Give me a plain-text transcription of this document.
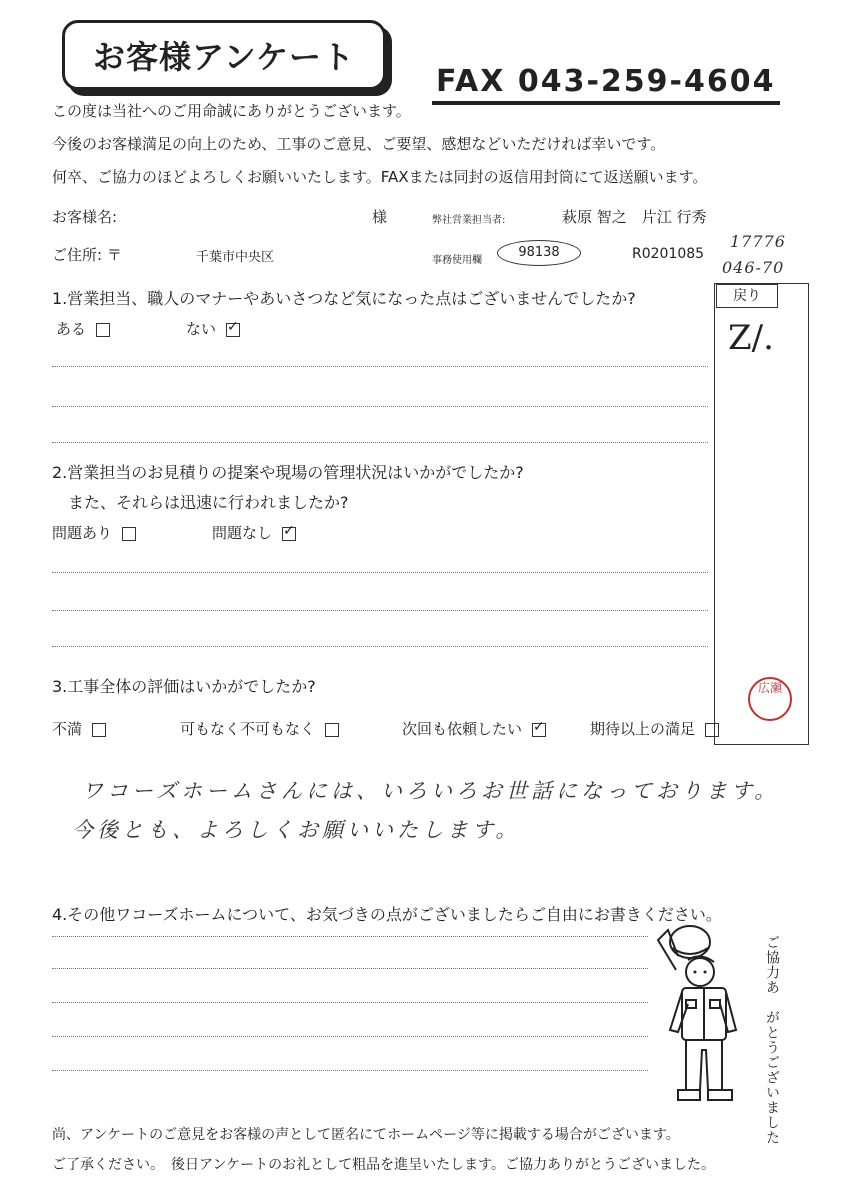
お客様アンケート
FAX 043-259-4604
この度は当社へのご用命誠にありがとうございます。
今後のお客様満足の向上のため、工事のご意見、ご要望、感想などいただければ幸いです。
何卒、ご協力のほどよろしくお願いいたします。FAXまたは同封の返信用封筒にて返送願います。
お客様名:	様	弊社営業担当者:	萩原 智之　片江 行秀
ご住所: 〒	千葉市中央区	事務使用欄
98138	R0201085
17776
046-70
戻り
Z/.
広瀬
1.営業担当、職人のマナーやあいさつなど気になった点はございませんでしたか?
ある	ない✓
2.営業担当のお見積りの提案や現場の管理状況はいかがでしたか?
また、それらは迅速に行われましたか?
問題あり	問題なし✓
3.工事全体の評価はいかがでしたか?
不満	可もなく不可もなく	次回も依頼したい✓	期待以上の満足
ワコーズホームさんには、いろいろお世話になっております。
今後とも、よろしくお願いいたします。
4.その他ワコーズホームについて、お気づきの点がございましたらご自由にお書きください。
ご協力あ　がとうございました
尚、アンケートのご意見をお客様の声として匿名にてホームページ等に掲載する場合がございます。
ご了承ください。　後日アンケートのお礼として粗品を進呈いたします。ご協力ありがとうございました。
